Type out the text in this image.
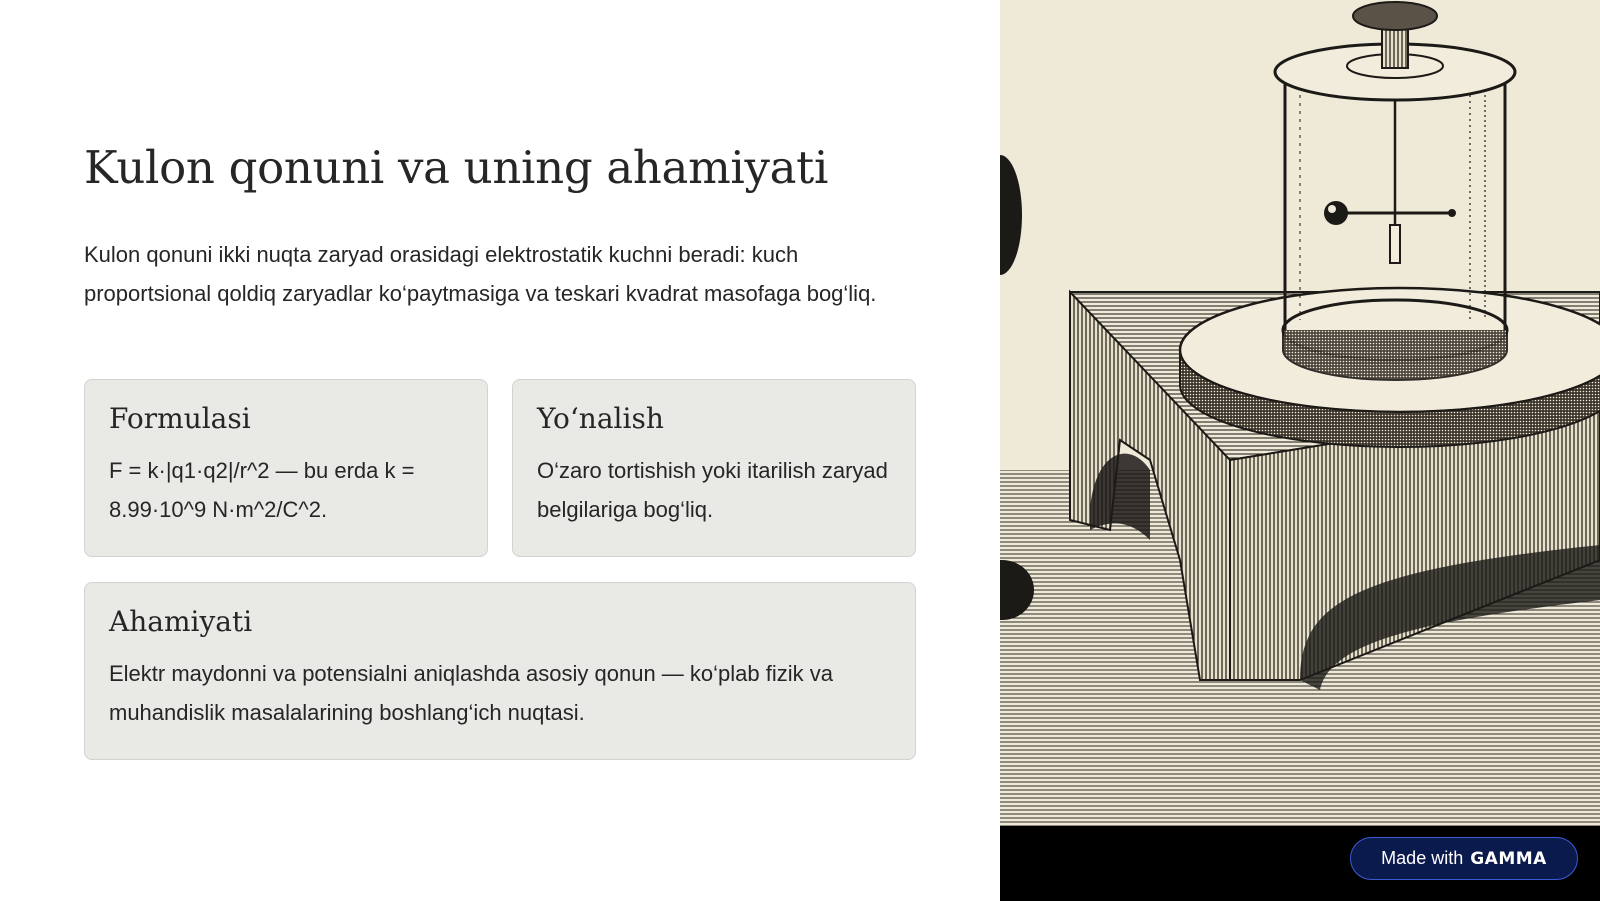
Kulon qonuni va uning ahamiyati

Kulon qonuni ikki nuqta zaryad orasidagi elektrostatik kuchni beradi: kuch proportsional qoldiq zaryadlar ko‘paytmasiga va teskari kvadrat masofaga bog‘liq.

Formulasi

F = k·|q1·q2|/r^2 — bu erda k = 8.99·10^9 N·m^2/C^2.

Yo‘nalish

O‘zaro tortishish yoki itarilish zaryad belgilariga bog‘liq.

Ahamiyati

Elektr maydonni va potensialni aniqlashda asosiy qonun — ko‘plab fizik va muhandislik masalalarining boshlang‘ich nuqtasi.

Made with GAMMA
